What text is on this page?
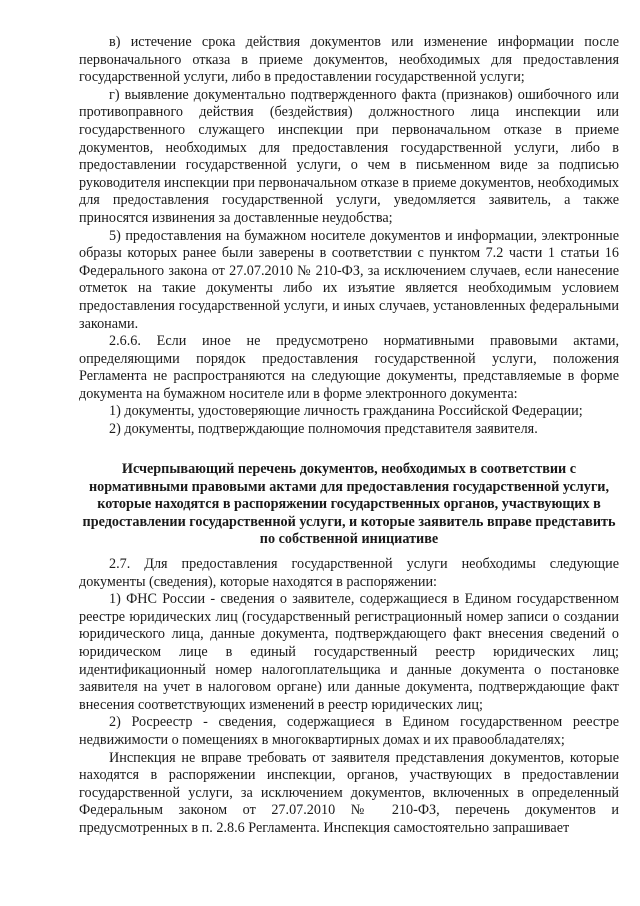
в) истечение срока действия документов или изменение информации после первоначального отказа в приеме документов, необходимых для предоставления государственной услуги, либо в предоставлении государственной услуги;

г) выявление документально подтвержденного факта (признаков) ошибочного или противоправного действия (бездействия) должностного лица инспекции или государственного служащего инспекции при первоначальном отказе в приеме документов, необходимых для предоставления государственной услуги, либо в предоставлении государственной услуги, о чем в письменном виде за подписью руководителя инспекции при первоначальном отказе в приеме документов, необходимых для предоставления государственной услуги, уведомляется заявитель, а также приносятся извинения за доставленные неудобства;

5) предоставления на бумажном носителе документов и информации, электронные образы которых ранее были заверены в соответствии с пунктом 7.2 части 1 статьи 16 Федерального закона от 27.07.2010 № 210-ФЗ, за исключением случаев, если нанесение отметок на такие документы либо их изъятие является необходимым условием предоставления государственной услуги, и иных случаев, установленных федеральными законами.

2.6.6. Если иное не предусмотрено нормативными правовыми актами, определяющими порядок предоставления государственной услуги, положения Регламента не распространяются на следующие документы, представляемые в форме документа на бумажном носителе или в форме электронного документа:

1) документы, удостоверяющие личность гражданина Российской Федерации;

2) документы, подтверждающие полномочия представителя заявителя.

Исчерпывающий перечень документов, необходимых в соответствии с нормативными правовыми актами для предоставления государственной услуги, которые находятся в распоряжении государственных органов, участвующих в предоставлении государственной услуги, и которые заявитель вправе представить по собственной инициативе

2.7. Для предоставления государственной услуги необходимы следующие документы (сведения), которые находятся в распоряжении:

1) ФНС России - сведения о заявителе, содержащиеся в Едином государственном реестре юридических лиц (государственный регистрационный номер записи о создании юридического лица, данные документа, подтверждающего факт внесения сведений о юридическом лице в единый государственный реестр юридических лиц; идентификационный номер налогоплательщика и данные документа о постановке заявителя на учет в налоговом органе) или данные документа, подтверждающие факт внесения соответствующих изменений в реестр юридических лиц;

2) Росреестр - сведения, содержащиеся в Едином государственном реестре недвижимости о помещениях в многоквартирных домах и их правообладателях;

Инспекция не вправе требовать от заявителя представления документов, которые находятся в распоряжении инспекции, органов, участвующих в предоставлении государственной услуги, за исключением документов, включенных в определенный Федеральным законом от 27.07.2010 № 210-ФЗ, перечень документов и предусмотренных в п. 2.8.6 Регламента. Инспекция самостоятельно запрашивает
